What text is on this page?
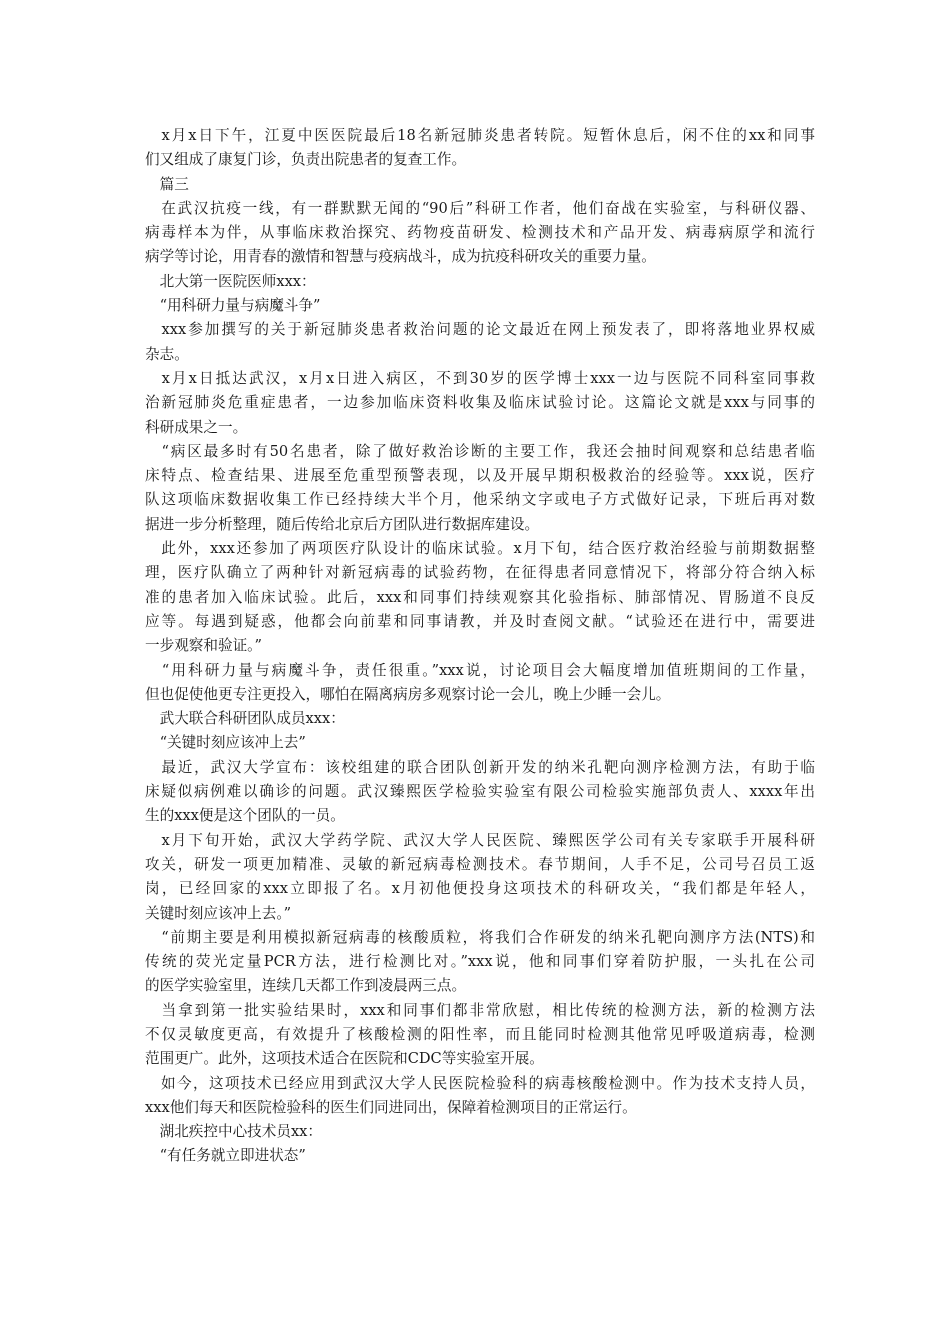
　x月x日下午，江夏中医医院最后18名新冠肺炎患者转院。短暂休息后，闲不住的xx和同事
们又组成了康复门诊，负责出院患者的复查工作。
　篇三
　在武汉抗疫一线，有一群默默无闻的“90后”科研工作者，他们奋战在实验室，与科研仪器、
病毒样本为伴，从事临床救治探究、药物疫苗研发、检测技术和产品开发、病毒病原学和流行
病学等讨论，用青春的激情和智慧与疫病战斗，成为抗疫科研攻关的重要力量。
　北大第一医院医师xxx：
　“用科研力量与病魔斗争”
　xxx参加撰写的关于新冠肺炎患者救治问题的论文最近在网上预发表了，即将落地业界权威
杂志。
　x月x日抵达武汉，x月x日进入病区，不到30岁的医学博士xxx一边与医院不同科室同事救
治新冠肺炎危重症患者，一边参加临床资料收集及临床试验讨论。这篇论文就是xxx与同事的
科研成果之一。
　“病区最多时有50名患者，除了做好救治诊断的主要工作，我还会抽时间观察和总结患者临
床特点、检查结果、进展至危重型预警表现，以及开展早期积极救治的经验等。xxx说，医疗
队这项临床数据收集工作已经持续大半个月，他采纳文字或电子方式做好记录，下班后再对数
据进一步分析整理，随后传给北京后方团队进行数据库建设。
　此外，xxx还参加了两项医疗队设计的临床试验。x月下旬，结合医疗救治经验与前期数据整
理，医疗队确立了两种针对新冠病毒的试验药物，在征得患者同意情况下，将部分符合纳入标
准的患者加入临床试验。此后，xxx和同事们持续观察其化验指标、肺部情况、胃肠道不良反
应等。每遇到疑惑，他都会向前辈和同事请教，并及时查阅文献。“试验还在进行中，需要进
一步观察和验证。”
　“用科研力量与病魔斗争，责任很重。”xxx说，讨论项目会大幅度增加值班期间的工作量，
但也促使他更专注更投入，哪怕在隔离病房多观察讨论一会儿，晚上少睡一会儿。
　武大联合科研团队成员xxx：
　“关键时刻应该冲上去”
　最近，武汉大学宣布：该校组建的联合团队创新开发的纳米孔靶向测序检测方法，有助于临
床疑似病例难以确诊的问题。武汉臻熙医学检验实验室有限公司检验实施部负责人、xxxx年出
生的xxx便是这个团队的一员。
　x月下旬开始，武汉大学药学院、武汉大学人民医院、臻熙医学公司有关专家联手开展科研
攻关，研发一项更加精准、灵敏的新冠病毒检测技术。春节期间，人手不足，公司号召员工返
岗，已经回家的xxx立即报了名。x月初他便投身这项技术的科研攻关，“我们都是年轻人，
关键时刻应该冲上去。”
　“前期主要是利用模拟新冠病毒的核酸质粒，将我们合作研发的纳米孔靶向测序方法(NTS)和
传统的荧光定量PCR方法，进行检测比对。”xxx说，他和同事们穿着防护服，一头扎在公司
的医学实验室里，连续几天都工作到凌晨两三点。
　当拿到第一批实验结果时，xxx和同事们都非常欣慰，相比传统的检测方法，新的检测方法
不仅灵敏度更高，有效提升了核酸检测的阳性率，而且能同时检测其他常见呼吸道病毒，检测
范围更广。此外，这项技术适合在医院和CDC等实验室开展。
　如今，这项技术已经应用到武汉大学人民医院检验科的病毒核酸检测中。作为技术支持人员，
xxx他们每天和医院检验科的医生们同进同出，保障着检测项目的正常运行。
　湖北疾控中心技术员xx：
　“有任务就立即进状态”
